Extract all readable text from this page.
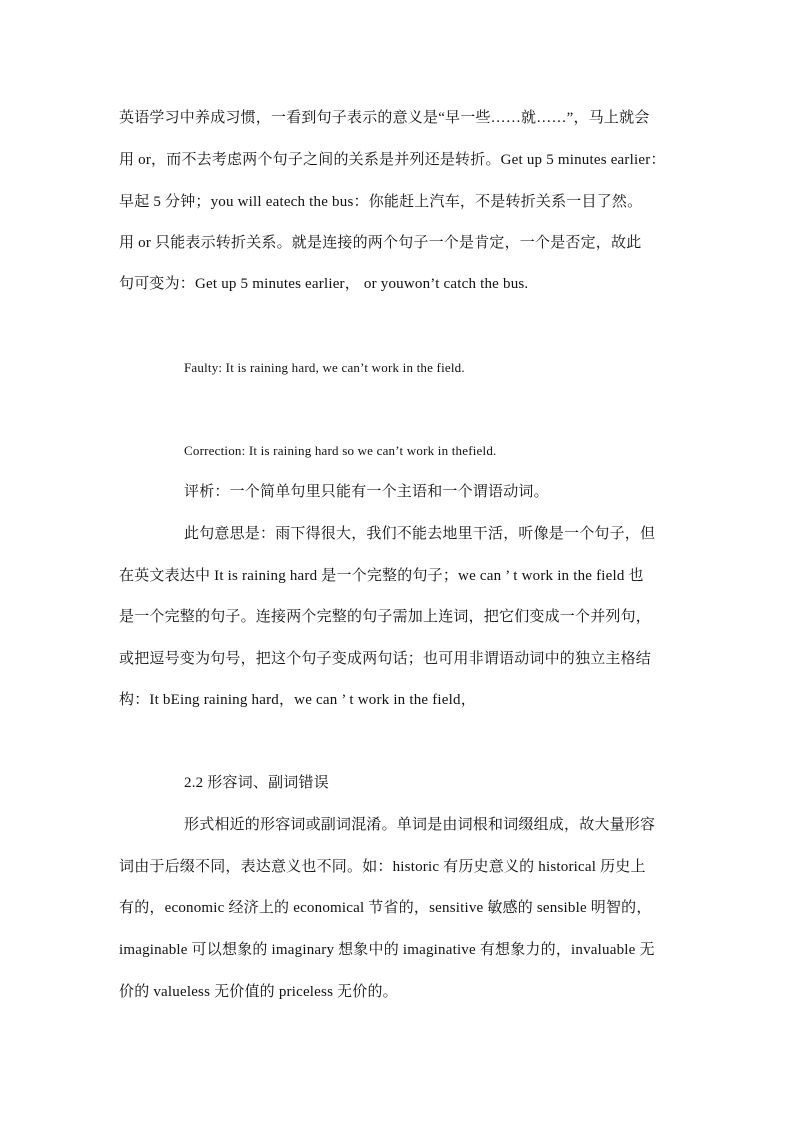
英语学习中养成习惯，一看到句子表示的意义是“早一些……就……”，马上就会
用 or，而不去考虑两个句子之间的关系是并列还是转折。Get up 5 minutes earlier：
早起 5 分钟；you will eatech the bus：你能赶上汽车，不是转折关系一目了然。
用 or 只能表示转折关系。就是连接的两个句子一个是肯定，一个是否定，故此
句可变为：Get up 5 minutes earlier， or youwon’t catch the bus.
Faulty: It is raining hard, we can’t work in the field.
Correction: It is raining hard so we can’t work in thefield.
评析：一个简单句里只能有一个主语和一个谓语动词。
此句意思是：雨下得很大，我们不能去地里干活，听像是一个句子，但
在英文表达中 It is raining hard 是一个完整的句子；we can ’ t work in the field 也
是一个完整的句子。连接两个完整的句子需加上连词，把它们变成一个并列句，
或把逗号变为句号，把这个句子变成两句话；也可用非谓语动词中的独立主格结
构：It bEing raining hard，we can ’ t work in the field，
2.2 形容词、副词错误
形式相近的形容词或副词混淆。单词是由词根和词缀组成，故大量形容
词由于后缀不同，表达意义也不同。如：historic 有历史意义的 historical 历史上
有的，economic 经济上的 economical 节省的，sensitive 敏感的 sensible 明智的，
imaginable 可以想象的 imaginary 想象中的 imaginative 有想象力的，invaluable 无
价的 valueless 无价值的 priceless 无价的。
